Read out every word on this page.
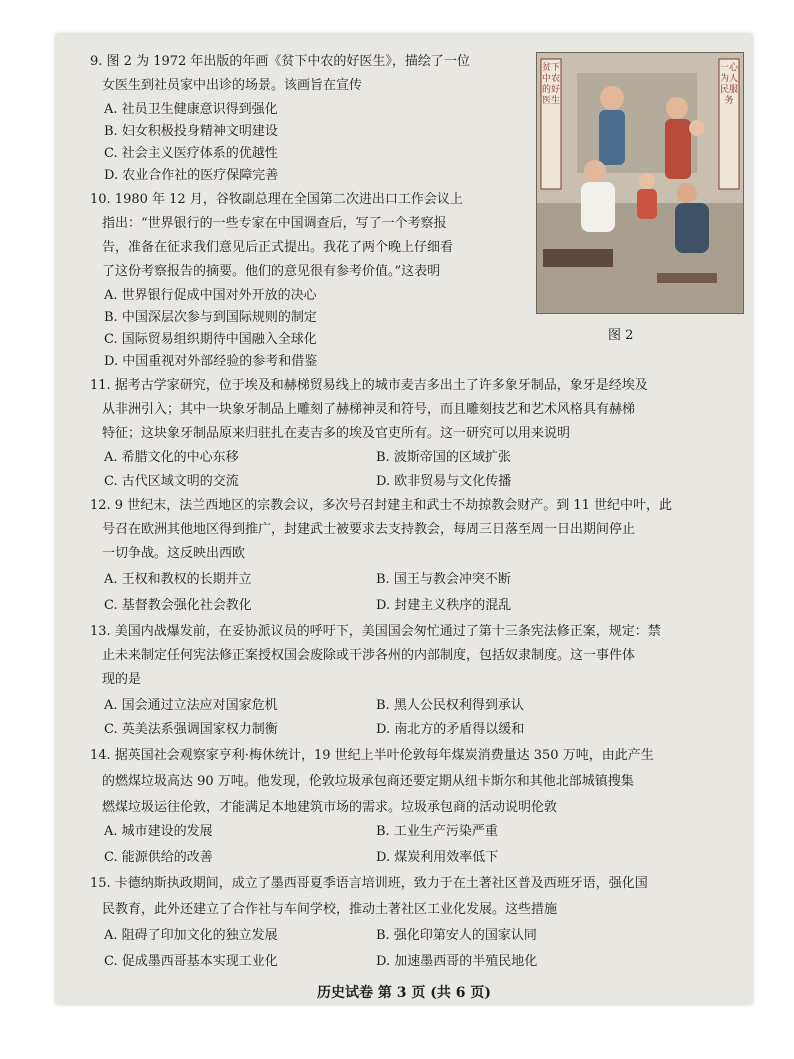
9. 图 2 为 1972 年出版的年画《贫下中农的好医生》，描绘了一位
女医生到社员家中出诊的场景。该画旨在宣传
A. 社员卫生健康意识得到强化
B. 妇女积极投身精神文明建设
C. 社会主义医疗体系的优越性
D. 农业合作社的医疗保障完善
10. 1980 年 12 月，谷牧副总理在全国第二次进出口工作会议上
指出：“世界银行的一些专家在中国调查后，写了一个考察报
告，准备在征求我们意见后正式提出。我花了两个晚上仔细看
了这份考察报告的摘要。他们的意见很有参考价值。”这表明
A. 世界银行促成中国对外开放的决心
B. 中国深层次参与到国际规则的制定
C. 国际贸易组织期待中国融入全球化
D. 中国重视对外部经验的参考和借鉴
11. 据考古学家研究，位于埃及和赫梯贸易线上的城市麦吉多出土了许多象牙制品，象牙是经埃及
从非洲引入；其中一块象牙制品上雕刻了赫梯神灵和符号，而且雕刻技艺和艺术风格具有赫梯
特征；这块象牙制品原来归驻扎在麦吉多的埃及官吏所有。这一研究可以用来说明
A. 希腊文化的中心东移	B. 波斯帝国的区域扩张
C. 古代区域文明的交流	D. 欧非贸易与文化传播
12. 9 世纪末，法兰西地区的宗教会议，多次号召封建主和武士不劫掠教会财产。到 11 世纪中叶，此
号召在欧洲其他地区得到推广，封建武士被要求去支持教会，每周三日落至周一日出期间停止
一切争战。这反映出西欧
A. 王权和教权的长期并立	B. 国王与教会冲突不断
C. 基督教会强化社会教化	D. 封建主义秩序的混乱
13. 美国内战爆发前，在妥协派议员的呼吁下，美国国会匆忙通过了第十三条宪法修正案，规定：禁
止未来制定任何宪法修正案授权国会废除或干涉各州的内部制度，包括奴隶制度。这一事件体
现的是
A. 国会通过立法应对国家危机	B. 黑人公民权利得到承认
C. 英美法系强调国家权力制衡	D. 南北方的矛盾得以缓和
14. 据英国社会观察家亨利·梅休统计，19 世纪上半叶伦敦每年煤炭消费量达 350 万吨，由此产生
的燃煤垃圾高达 90 万吨。他发现，伦敦垃圾承包商还要定期从纽卡斯尔和其他北部城镇搜集
燃煤垃圾运往伦敦，才能满足本地建筑市场的需求。垃圾承包商的活动说明伦敦
A. 城市建设的发展	B. 工业生产污染严重
C. 能源供给的改善	D. 煤炭利用效率低下
15. 卡德纳斯执政期间，成立了墨西哥夏季语言培训班，致力于在土著社区普及西班牙语，强化国
民教育，此外还建立了合作社与车间学校，推动土著社区工业化发展。这些措施
A. 阻碍了印加文化的独立发展	B. 强化印第安人的国家认同
C. 促成墨西哥基本实现工业化	D. 加速墨西哥的半殖民地化
贫下中农的好医生
一心为人民服务
图 2
历史试卷 第 3 页 (共 6 页)
